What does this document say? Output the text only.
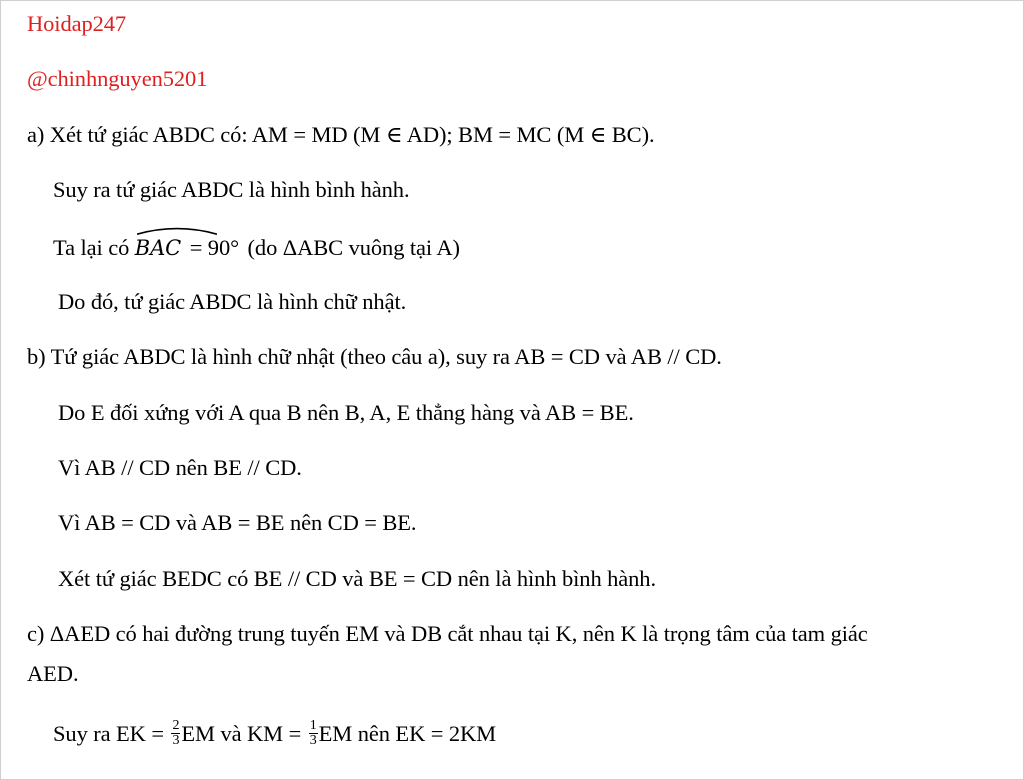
Hoidap247
@chinhnguyen5201
a) Xét tứ giác ABDC có: AM = MD (M ∈ AD); BM = MC (M ∈ BC).
Suy ra tứ giác ABDC là hình bình hành.
Ta lại có BAC = 90° (do ΔABC vuông tại A)
Do đó, tứ giác ABDC là hình chữ nhật.
b) Tứ giác ABDC là hình chữ nhật (theo câu a), suy ra AB = CD và AB // CD.
Do E đối xứng với A qua B nên B, A, E thẳng hàng và AB = BE.
Vì AB // CD nên BE // CD.
Vì AB = CD và AB = BE nên CD = BE.
Xét tứ giác BEDC có BE // CD và BE = CD nên là hình bình hành.
c) ΔAED có hai đường trung tuyến EM và DB cắt nhau tại K, nên K là trọng tâm của tam giác
AED.
Suy ra EK = $\frac{2}{3}$ EM và KM = $\frac{1}{3}$ EM nên EK = 2KM
